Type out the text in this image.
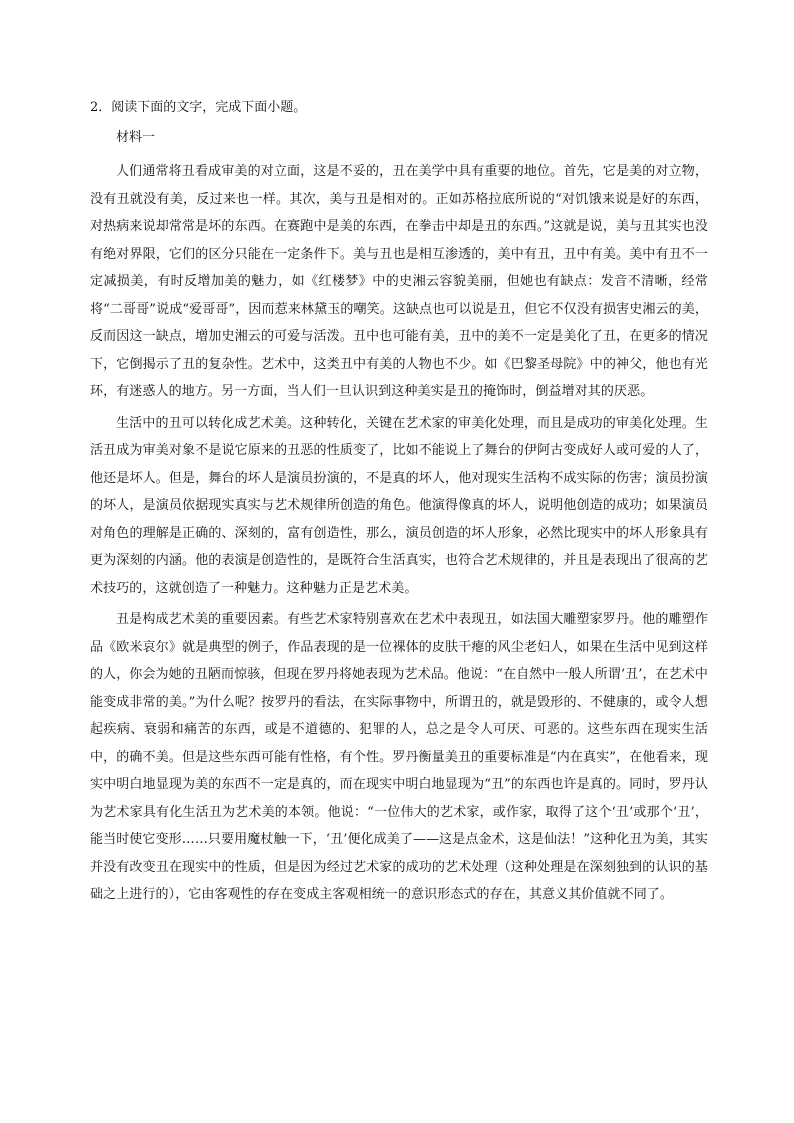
2．阅读下面的文字，完成下面小题。

材料一

人们通常将丑看成审美的对立面，这是不妥的，丑在美学中具有重要的地位。首先，它是美的对立物，没有丑就没有美，反过来也一样。其次，美与丑是相对的。正如苏格拉底所说的“对饥饿来说是好的东西，对热病来说却常常是坏的东西。在赛跑中是美的东西，在拳击中却是丑的东西。”这就是说，美与丑其实也没有绝对界限，它们的区分只能在一定条件下。美与丑也是相互渗透的，美中有丑，丑中有美。美中有丑不一定减损美，有时反增加美的魅力，如《红楼梦》中的史湘云容貌美丽，但她也有缺点：发音不清晰，经常将“二哥哥”说成“爱哥哥”，因而惹来林黛玉的嘲笑。这缺点也可以说是丑，但它不仅没有损害史湘云的美，反而因这一缺点，增加史湘云的可爱与活泼。丑中也可能有美，丑中的美不一定是美化了丑，在更多的情况下，它倒揭示了丑的复杂性。艺术中，这类丑中有美的人物也不少。如《巴黎圣母院》中的神父，他也有光环，有迷惑人的地方。另一方面，当人们一旦认识到这种美实是丑的掩饰时，倒益增对其的厌恶。

生活中的丑可以转化成艺术美。这种转化，关键在艺术家的审美化处理，而且是成功的审美化处理。生活丑成为审美对象不是说它原来的丑恶的性质变了，比如不能说上了舞台的伊阿古变成好人或可爱的人了，他还是坏人。但是，舞台的坏人是演员扮演的，不是真的坏人，他对现实生活构不成实际的伤害；演员扮演的坏人，是演员依据现实真实与艺术规律所创造的角色。他演得像真的坏人，说明他创造的成功；如果演员对角色的理解是正确的、深刻的，富有创造性，那么，演员创造的坏人形象，必然比现实中的坏人形象具有更为深刻的内涵。他的表演是创造性的，是既符合生活真实，也符合艺术规律的，并且是表现出了很高的艺术技巧的，这就创造了一种魅力。这种魅力正是艺术美。

丑是构成艺术美的重要因素。有些艺术家特别喜欢在艺术中表现丑，如法国大雕塑家罗丹。他的雕塑作品《欧米哀尔》就是典型的例子，作品表现的是一位裸体的皮肤干瘪的风尘老妇人，如果在生活中见到这样的人，你会为她的丑陋而惊骇，但现在罗丹将她表现为艺术品。他说：“在自然中一般人所谓‘丑’，在艺术中能变成非常的美。”为什么呢？按罗丹的看法，在实际事物中，所谓丑的，就是毁形的、不健康的，或令人想起疾病、衰弱和痛苦的东西，或是不道德的、犯罪的人，总之是令人可厌、可恶的。这些东西在现实生活中，的确不美。但是这些东西可能有性格，有个性。罗丹衡量美丑的重要标准是“内在真实”，在他看来，现实中明白地显现为美的东西不一定是真的，而在现实中明白地显现为“丑”的东西也许是真的。同时，罗丹认为艺术家具有化生活丑为艺术美的本领。他说：“一位伟大的艺术家，或作家，取得了这个‘丑’或那个‘丑’，能当时使它变形……只要用魔杖触一下，‘丑’便化成美了——这是点金术，这是仙法！”这种化丑为美，其实并没有改变丑在现实中的性质，但是因为经过艺术家的成功的艺术处理（这种处理是在深刻独到的认识的基础之上进行的），它由客观性的存在变成主客观相统一的意识形态式的存在，其意义其价值就不同了。
